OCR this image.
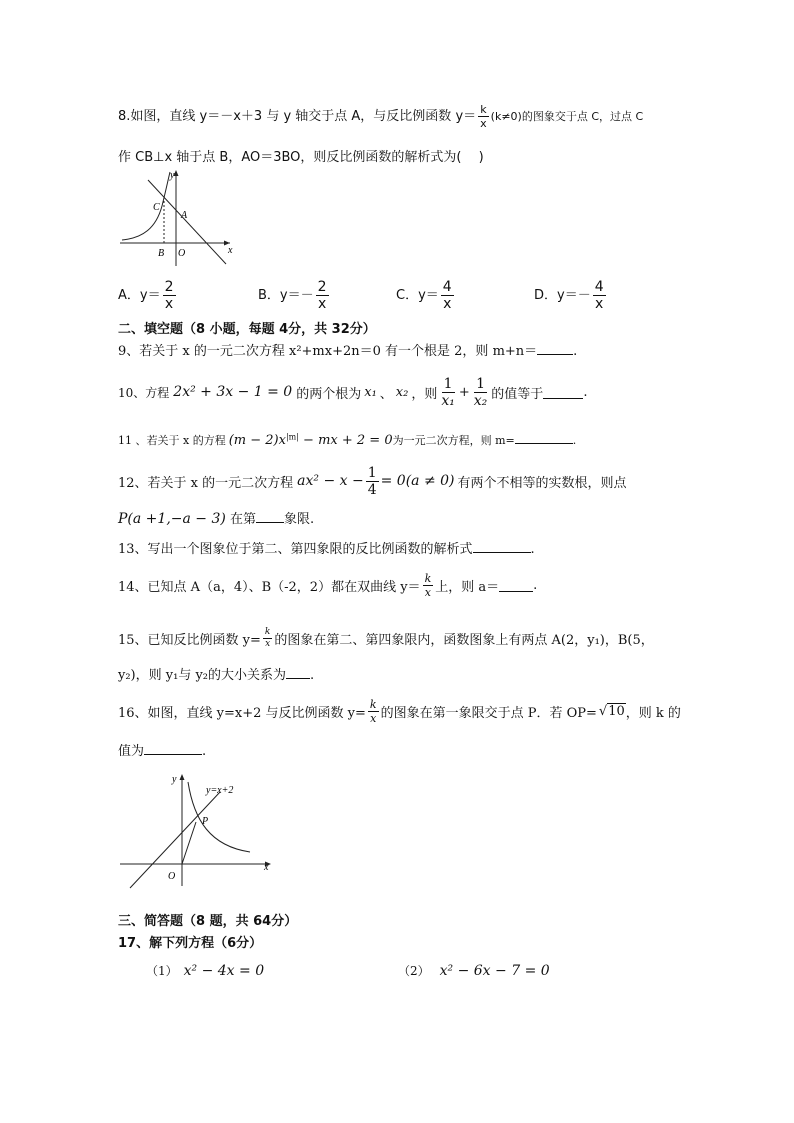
8.如图，直线 y＝－x＋3 与 y 轴交于点 A，与反比例函数 $y= \frac{k}{x} (k\ne 0)$的图象交于点 C，过点 C
作 CB⊥x 轴于点 B，AO＝3BO，则反比例函数的解析式为(　 )
y
x
C
A
B O
A．$y= \frac{2}{x}$	B．$y=- \frac{2}{x}$	C．$y= \frac{4}{x}$	D．$y=- \frac{4}{x}$
二、填空题（8 小题，每题 4分，共 32分）
9、若关于 x 的一元二次方程 x²+mx+2n＝0 有一个根是 2，则 m+n＝	.
10、方程 2x² + 3x − 1 = 0 的两个根为 x₁ 、 x₂ ，则 $\frac{1}{\text{x₁}} + \frac{1}{\text{x₂}}$ 的值等于	.
11 、若关于 x 的方程 $(m - 2)x^{|m|}$ − mx + 2 = 0为一元二次方程，则 m=	.
12、若关于 x 的一元二次方程 $ax^2 - x - \frac{1}{4} = 0(a \ne 0)$ 有两个不相等的实数根，则点
P(a +1,−a − 3) 在第 象限.
13、写出一个图象位于第二、第四象限的反比例函数的解析式	.
14、已知点 A（a，4）、B（-2，2）都在双曲线 $y= \frac{k}{x}$ 上，则 a＝	.
15、已知反比例函数 $y= \frac{k}{x}$ 的图象在第二、第四象限内，函数图象上有两点 A(2，y₁)，B(5，
y₂)，则 y₁与 y₂的大小关系为 .
16、如图，直线 y=x+2 与反比例函数 $y= \frac{k}{x}$ 的图象在第一象限交于点 P．若 OP= √ 10 ，则 k 的
值为	.
y
x
y=x+2
P
O
三、简答题（8 题，共 64分）
17、解下列方程（6分）
（1） x² − 4x = 0	（2） x² − 6x − 7 = 0
